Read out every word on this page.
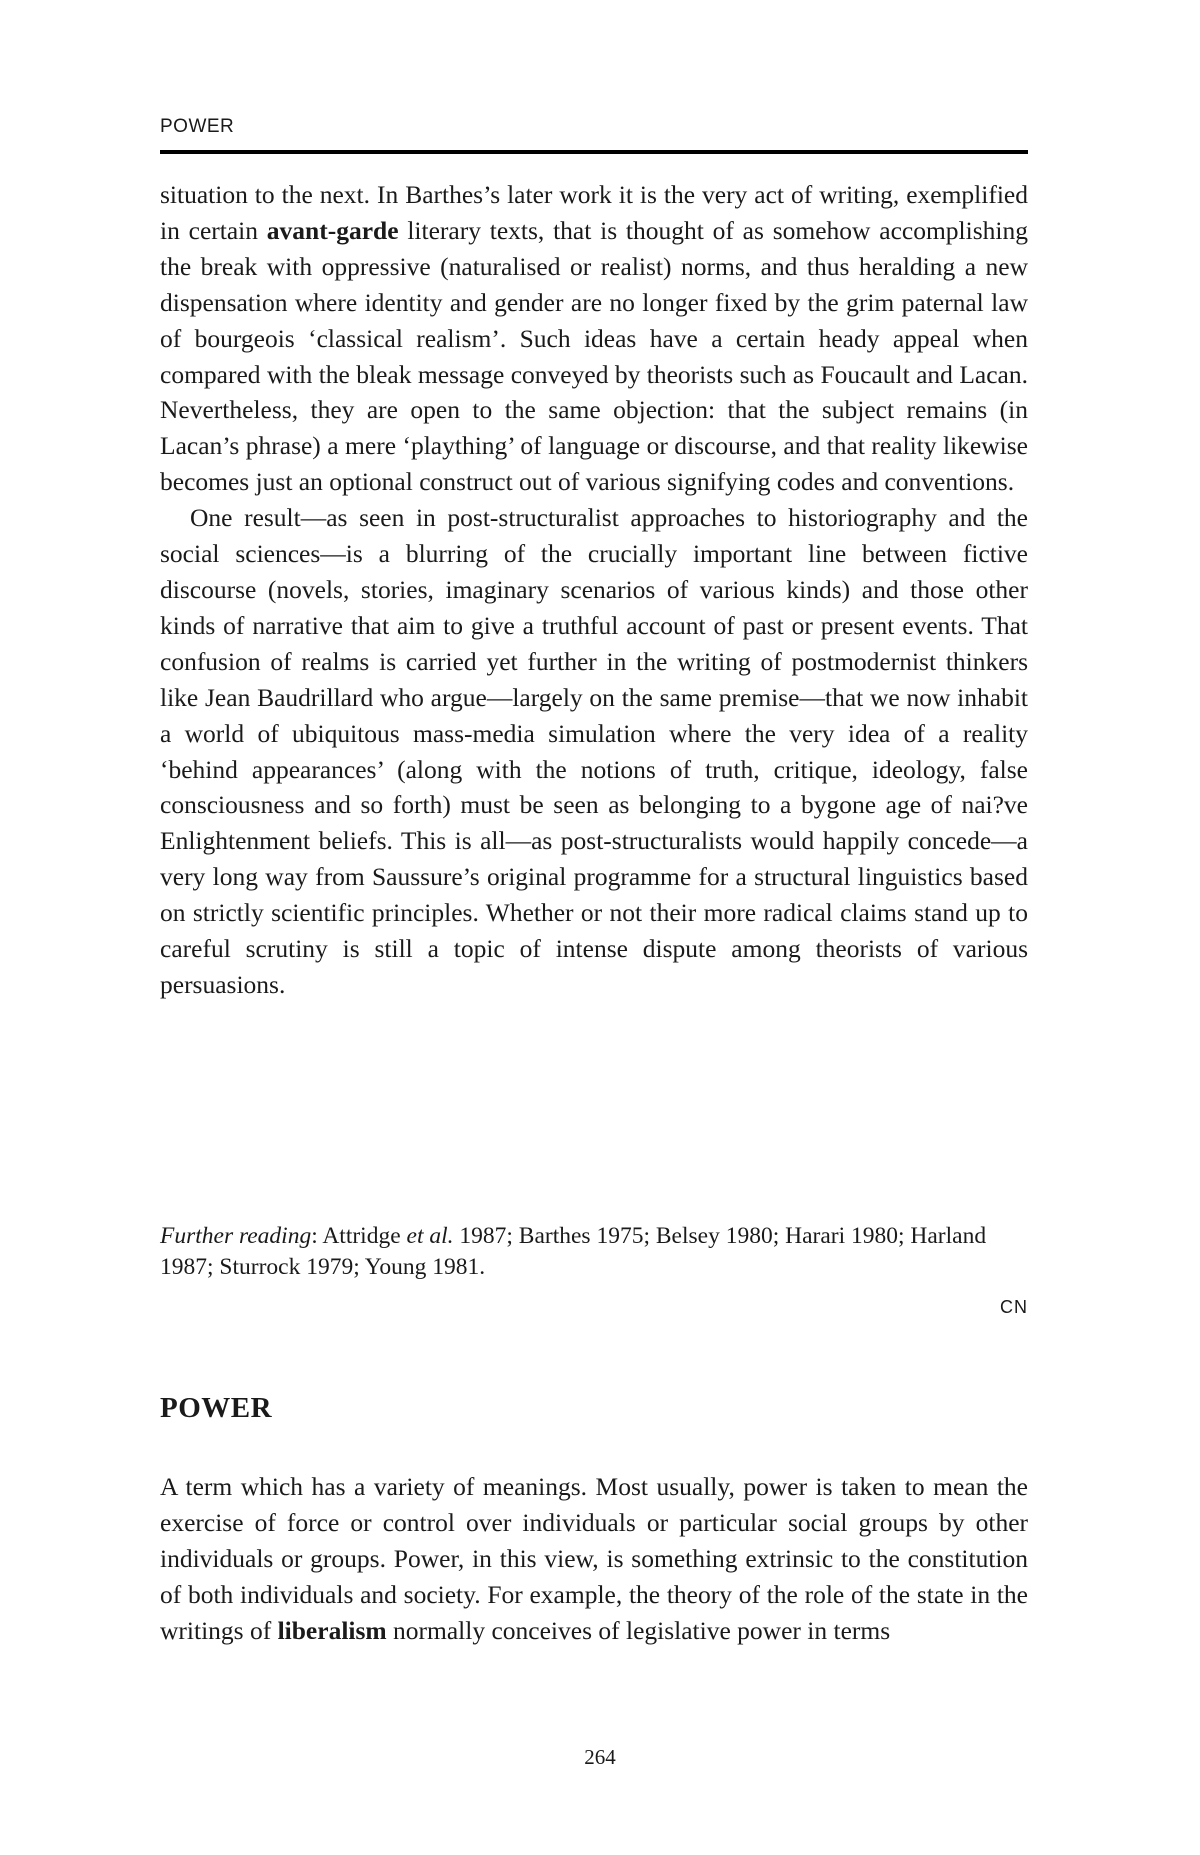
POWER

situation to the next. In Barthes’s later work it is the very act of writing, exemplified in certain avant-garde literary texts, that is thought of as somehow accomplishing the break with oppressive (naturalised or realist) norms, and thus heralding a new dispensation where identity and gender are no longer fixed by the grim paternal law of bourgeois ‘classical realism’. Such ideas have a certain heady appeal when compared with the bleak message conveyed by theorists such as Foucault and Lacan. Nevertheless, they are open to the same objection: that the subject remains (in Lacan’s phrase) a mere ‘plaything’ of language or discourse, and that reality likewise becomes just an optional construct out of various signifying codes and conventions.

One result—as seen in post-structuralist approaches to historiography and the social sciences—is a blurring of the crucially important line between fictive discourse (novels, stories, imaginary scenarios of various kinds) and those other kinds of narrative that aim to give a truthful account of past or present events. That confusion of realms is carried yet further in the writing of postmodernist thinkers like Jean Baudrillard who argue—largely on the same premise—that we now inhabit a world of ubiquitous mass-media simulation where the very idea of a reality ‘behind appearances’ (along with the notions of truth, critique, ideology, false consciousness and so forth) must be seen as belonging to a bygone age of nai?ve Enlightenment beliefs. This is all—as post-structuralists would happily concede—a very long way from Saussure’s original programme for a structural linguistics based on strictly scientific principles. Whether or not their more radical claims stand up to careful scrutiny is still a topic of intense dispute among theorists of various persuasions.

Further reading: Attridge et al. 1987; Barthes 1975; Belsey 1980; Harari 1980; Harland 1987; Sturrock 1979; Young 1981.
CN
POWER

A term which has a variety of meanings. Most usually, power is taken to mean the exercise of force or control over individuals or particular social groups by other individuals or groups. Power, in this view, is something extrinsic to the constitution of both individuals and society. For example, the theory of the role of the state in the writings of liberalism normally conceives of legislative power in terms

264
